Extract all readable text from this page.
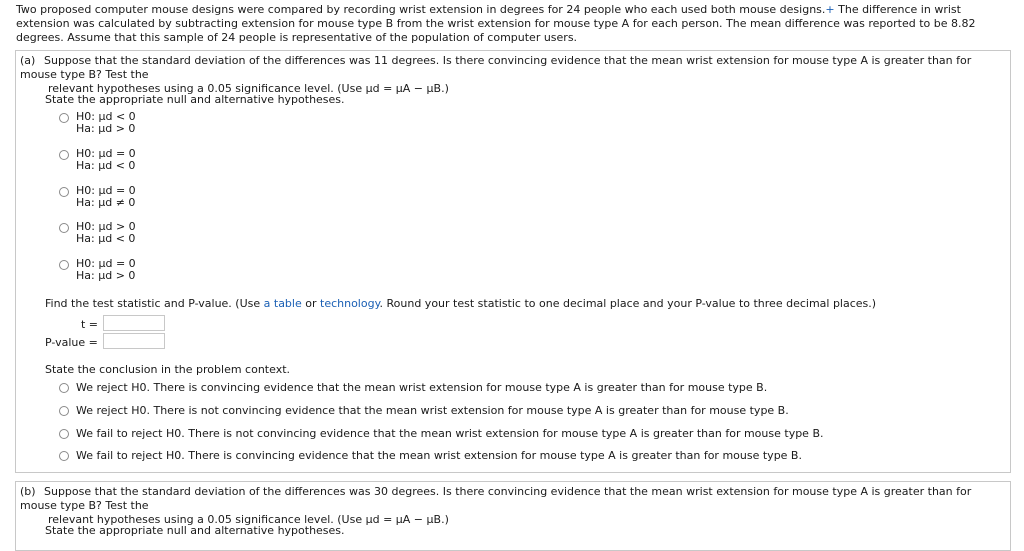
Two proposed computer mouse designs were compared by recording wrist extension in degrees for 24 people who each used both mouse designs.+ The difference in wrist extension was calculated by subtracting extension for mouse type B from the wrist extension for mouse type A for each person. The mean difference was reported to be 8.82 degrees. Assume that this sample of 24 people is representative of the population of computer users.
(a) Suppose that the standard deviation of the differences was 11 degrees. Is there convincing evidence that the mean wrist extension for mouse type A is greater than for mouse type B? Test the
relevant hypotheses using a 0.05 significance level. (Use μd = μA − μB.)
State the appropriate null and alternative hypotheses.
H0: μd < 0
Ha: μd > 0
H0: μd = 0
Ha: μd < 0
H0: μd = 0
Ha: μd ≠ 0
H0: μd > 0
Ha: μd < 0
H0: μd = 0
Ha: μd > 0
Find the test statistic and P-value. (Use a table or technology. Round your test statistic to one decimal place and your P-value to three decimal places.)
t =
P-value =
State the conclusion in the problem context.
We reject H0. There is convincing evidence that the mean wrist extension for mouse type A is greater than for mouse type B.
We reject H0. There is not convincing evidence that the mean wrist extension for mouse type A is greater than for mouse type B.
We fail to reject H0. There is not convincing evidence that the mean wrist extension for mouse type A is greater than for mouse type B.
We fail to reject H0. There is convincing evidence that the mean wrist extension for mouse type A is greater than for mouse type B.
(b) Suppose that the standard deviation of the differences was 30 degrees. Is there convincing evidence that the mean wrist extension for mouse type A is greater than for mouse type B? Test the
relevant hypotheses using a 0.05 significance level. (Use μd = μA − μB.)
State the appropriate null and alternative hypotheses.
